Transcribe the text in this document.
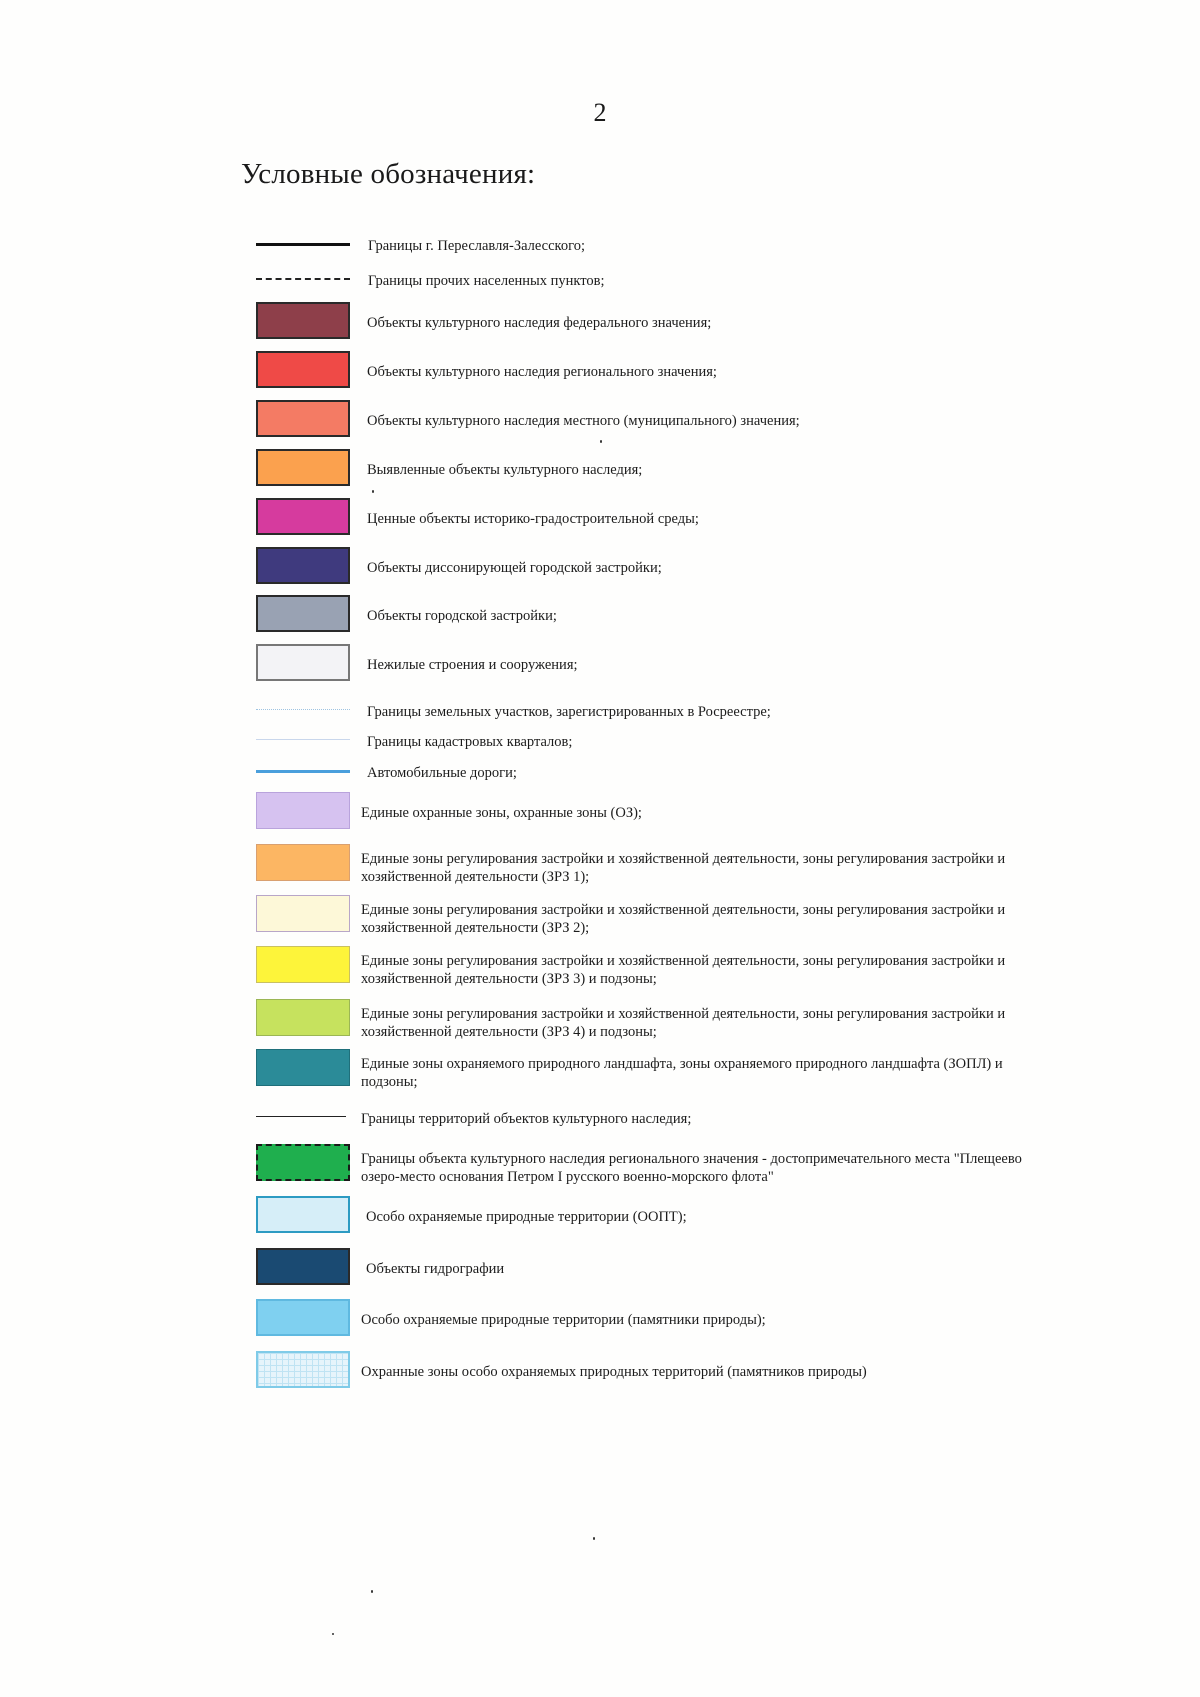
2
Условные обозначения:
Границы г. Переславля-Залесского;
Границы прочих населенных пунктов;
Объекты культурного наследия федерального значения;
Объекты культурного наследия регионального значения;
Объекты культурного наследия местного (муниципального) значения;
Выявленные объекты культурного наследия;
Ценные объекты историко-градостроительной среды;
Объекты диссонирующей городской застройки;
Объекты городской застройки;
Нежилые строения и сооружения;
Границы земельных участков, зарегистрированных в Росреестре;
Границы кадастровых кварталов;
Автомобильные дороги;
Единые охранные зоны, охранные зоны (ОЗ);
Единые зоны регулирования застройки и хозяйственной деятельности, зоны регулирования застройки и хозяйственной деятельности (ЗРЗ 1);
Единые зоны регулирования застройки и хозяйственной деятельности, зоны регулирования застройки и хозяйственной деятельности (ЗРЗ 2);
Единые зоны регулирования застройки и хозяйственной деятельности, зоны регулирования застройки и хозяйственной деятельности (ЗРЗ 3) и подзоны;
Единые зоны регулирования застройки и хозяйственной деятельности, зоны регулирования застройки и хозяйственной деятельности (ЗРЗ 4) и подзоны;
Единые зоны охраняемого природного ландшафта, зоны охраняемого природного ландшафта (ЗОПЛ) и подзоны;
Границы территорий объектов культурного наследия;
Границы объекта культурного наследия регионального значения - достопримечательного места "Плещеево озеро-место основания Петром I русского военно-морского флота"
Особо охраняемые природные территории (ООПТ);
Объекты гидрографии
Особо охраняемые природные территории (памятники природы);
Охранные зоны особо охраняемых природных территорий (памятников природы)
